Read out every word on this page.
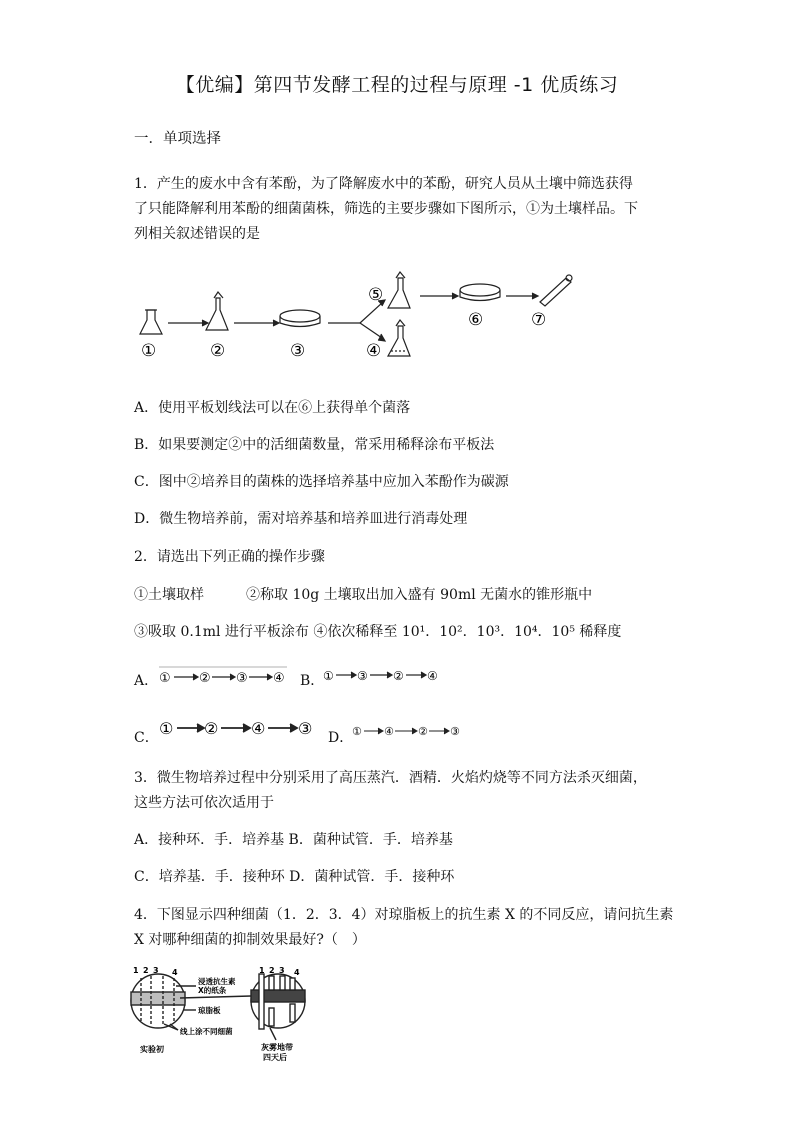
【优编】第四节发酵工程的过程与原理 -1 优质练习
一．单项选择
1．产生的废水中含有苯酚，为了降解废水中的苯酚，研究人员从土壤中筛选获得
了只能降解利用苯酚的细菌菌株，筛选的主要步骤如下图所示，①为土壤样品。下
列相关叙述错误的是
①	②	③	④
⑤
⑥	⑦
A．使用平板划线法可以在⑥上获得单个菌落
B．如果要测定②中的活细菌数量，常采用稀释涂布平板法
C．图中②培养目的菌株的选择培养基中应加入苯酚作为碳源
D．微生物培养前，需对培养基和培养皿进行消毒处理
2．请选出下列正确的操作步骤
①土壤取样　　　②称取 10g 土壤取出加入盛有 90ml 无菌水的锥形瓶中
③吸取 0.1ml 进行平板涂布 ④依次稀释至 10¹．10²．10³．10⁴．10⁵ 稀释度
A． ① ② ③ ④ B．
① ③ ② ④
C． ① ② ④ ③ D．
① ④ ② ③
3．微生物培养过程中分别采用了高压蒸汽．酒精．火焰灼烧等不同方法杀灭细菌，
这些方法可依次适用于
A．接种环．手．培养基 B．菌种试管．手．培养基
C．培养基．手．接种环 D．菌种试管．手．接种环
4．下图显示四种细菌（1．2．3．4）对琼脂板上的抗生素 X 的不同反应，请问抗生素
X 对哪种细菌的抑制效果最好?（　）
1 2 3 4	1 2 3 4
浸透抗生素
X的纸条
琼脂板
线上涂不同细菌
实验初	灰雾地带
四天后
